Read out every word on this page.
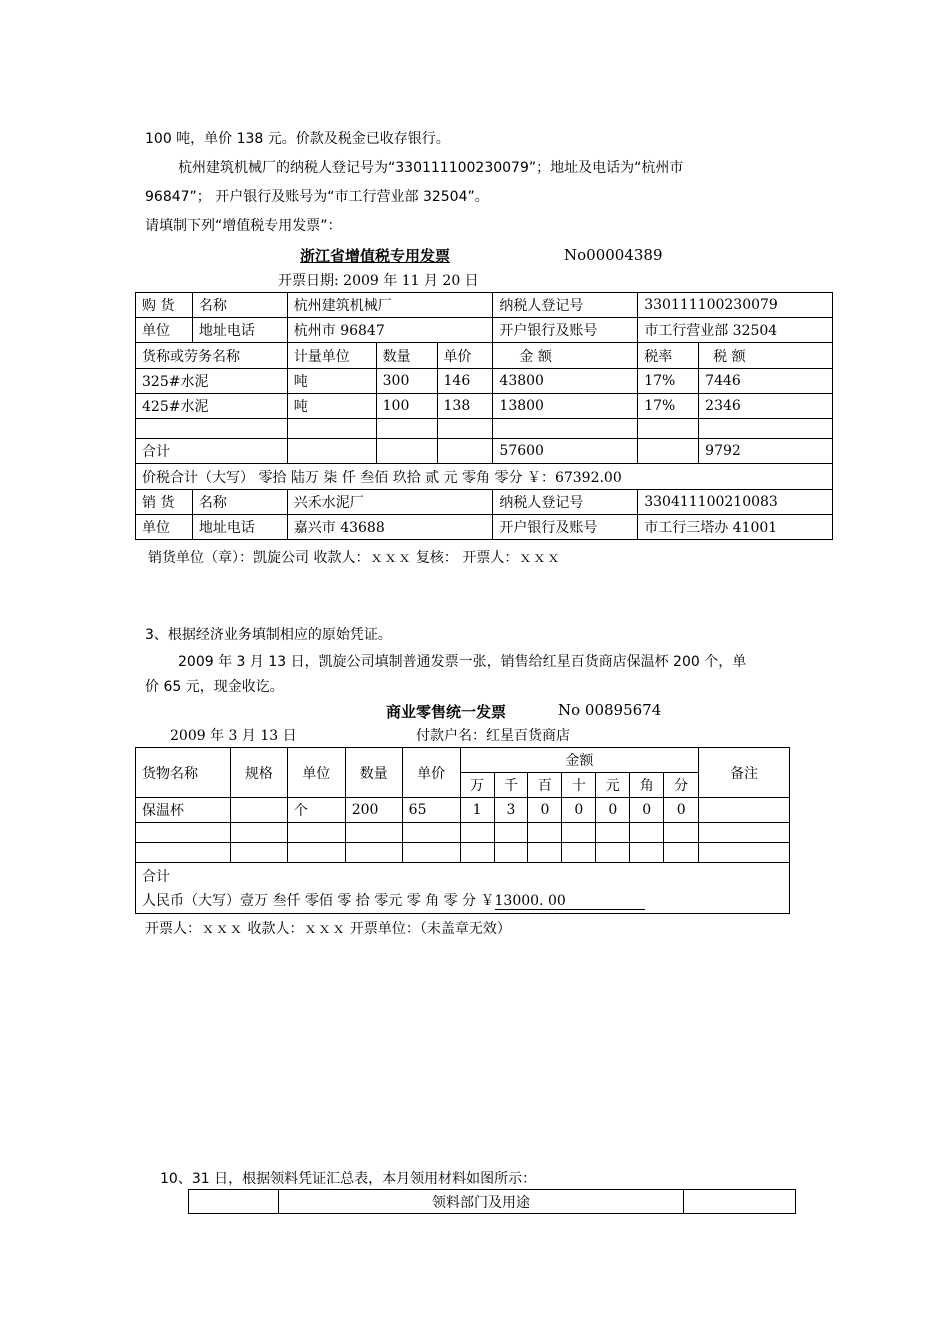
100 吨，单价 138 元。价款及税金已收存银行。
杭州建筑机械厂的纳税人登记号为“330111100230079”；地址及电话为“杭州市
96847”； 开户银行及账号为“市工行营业部 32504”。
请填制下列“增值税专用发票”：
浙江省增值税专用发票	No00004389
开票日期: 2009 年 11 月 20 日
购 货	名称	杭州建筑机械厂			纳税人登记号	330111100230079	
单位	地址电话	杭州市 96847			开户银行及账号	市工行营业部 32504	
货称或劳务名称		计量单位	数量	单价	金 额	税率	税 额
325#水泥		吨	300	146	43800	17%	7446
425#水泥		吨	100	138	13800	17%	2346

合计					57600		9792
价税合计（大写） 零拾 陆万 柒 仟 叁佰 玖拾 贰 元 零角 零分 ￥：67392.00							
销 货	名称	兴禾水泥厂			纳税人登记号	330411100210083	
单位	地址电话	嘉兴市 43688			开户银行及账号	市工行三塔办 41001	
销货单位（章）：凯旋公司 收款人：ｘｘｘ 复核： 开票人：ｘｘｘ
3、根据经济业务填制相应的原始凭证。
2009 年 3 月 13 日，凯旋公司填制普通发票一张，销售给红星百货商店保温杯 200 个，单
价 65 元，现金收讫。
商业零售统一发票	No 00895674
2009 年 3 月 13 日	付款户名：红星百货商店
货物名称	规格	单位	数量	单价	金额							备注
					万	千	百	十	元	角	分	
保温杯		个	200	65	1	3	0	0	0	0	0	

合计
人民币（大写）壹万 叁仟 零佰 零 拾 零元 零 角 零 分 ￥13000. 00												
开票人：ｘｘｘ 收款人：ｘｘｘ 开票单位：（未盖章无效）
10、31 日，根据领料凭证汇总表，本月领用材料如图所示：
	领料部门及用途	
